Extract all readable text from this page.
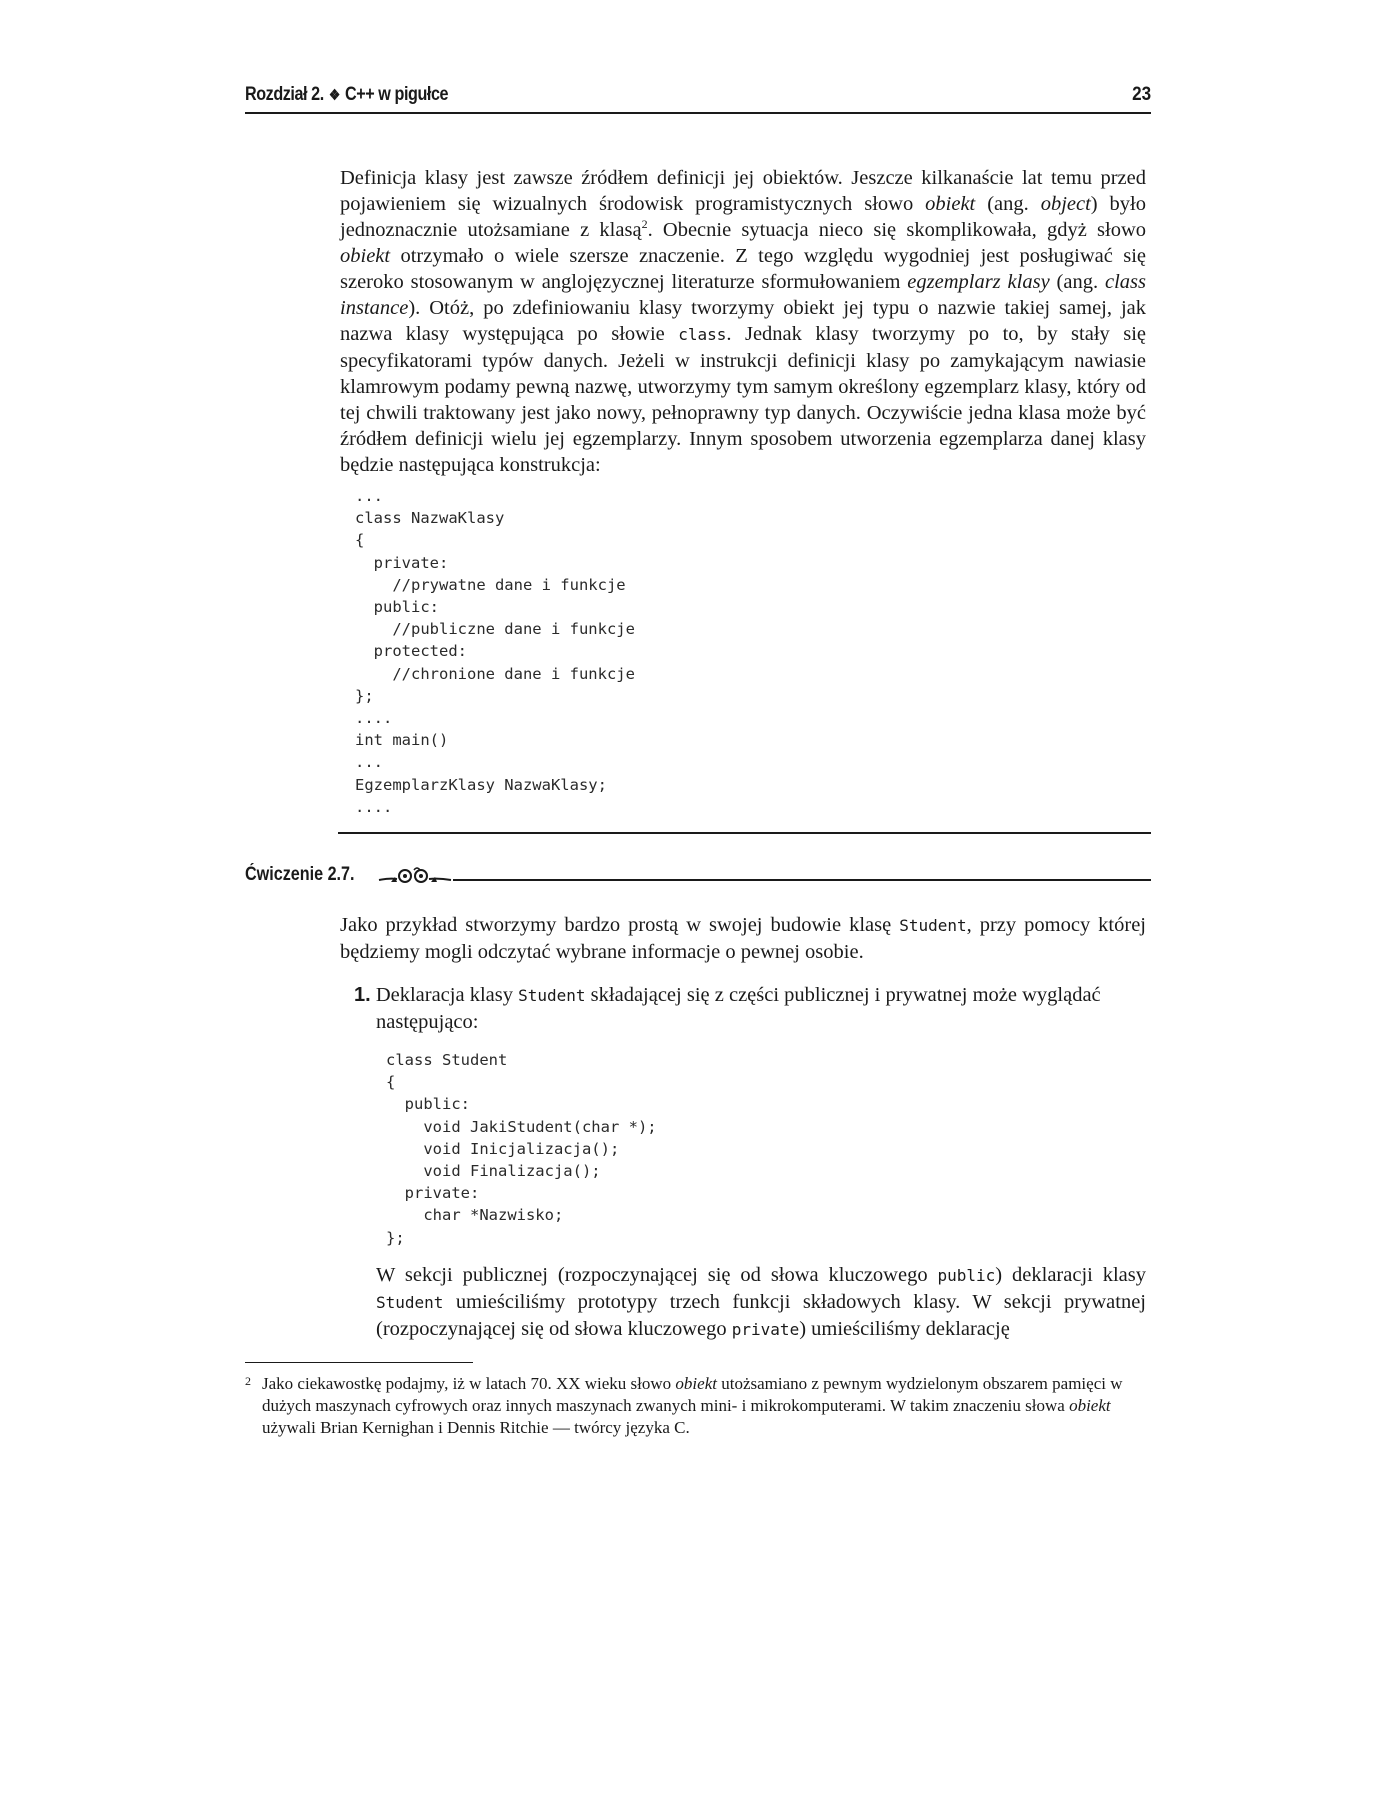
Rozdział 2. ❖ C++ w pigułce	23

Definicja klasy jest zawsze źródłem definicji jej obiektów. Jeszcze kilkanaście lat temu przed pojawieniem się wizualnych środowisk programistycznych słowo obiekt (ang. object) było jednoznacznie utożsamiane z klasą$^2$. Obecnie sytuacja nieco się skomplikowała, gdyż słowo obiekt otrzymało o wiele szersze znaczenie. Z tego względu wygodniej jest posługiwać się szeroko stosowanym w anglojęzycznej literaturze sformułowaniem egzemplarz klasy (ang. class instance). Otóż, po zdefiniowaniu klasy tworzymy obiekt jej typu o nazwie takiej samej, jak nazwa klasy występująca po słowie class. Jednak klasy tworzymy po to, by stały się specyfikatorami typów danych. Jeżeli w instrukcji definicji klasy po zamykającym nawiasie klamrowym podamy pewną nazwę, utworzymy tym samym określony egzemplarz klasy, który od tej chwili traktowany jest jako nowy, pełnoprawny typ danych. Oczywiście jedna klasa może być źródłem definicji wielu jej egzemplarzy. Innym sposobem utworzenia egzemplarza danej klasy będzie następująca konstrukcja:

...
class NazwaKlasy
{
private:
//prywatne dane i funkcje
public:
//publiczne dane i funkcje
protected:
//chronione dane i funkcje
};
....
int main()
...
EgzemplarzKlasy NazwaKlasy;
....
Ćwiczenie 2.7.

Jako przykład stworzymy bardzo prostą w swojej budowie klasę Student, przy pomocy której będziemy mogli odczytać wybrane informacje o pewnej osobie.

1. Deklaracja klasy Student składającej się z części publicznej i prywatnej może wyglądać następująco:

class Student
{
public:
void JakiStudent(char *);
void Inicjalizacja();
void Finalizacja();
private:
char *Nazwisko;
};

W sekcji publicznej (rozpoczynającej się od słowa kluczowego public) deklaracji klasy Student umieściliśmy prototypy trzech funkcji składowych klasy. W sekcji prywatnej (rozpoczynającej się od słowa kluczowego private) umieściliśmy deklarację

2 Jako ciekawostkę podajmy, iż w latach 70. XX wieku słowo obiekt utożsamiano z pewnym wydzielonym obszarem pamięci w dużych maszynach cyfrowych oraz innych maszynach zwanych mini- i mikrokomputerami. W takim znaczeniu słowa obiekt używali Brian Kernighan i Dennis Ritchie — twórcy języka C.
